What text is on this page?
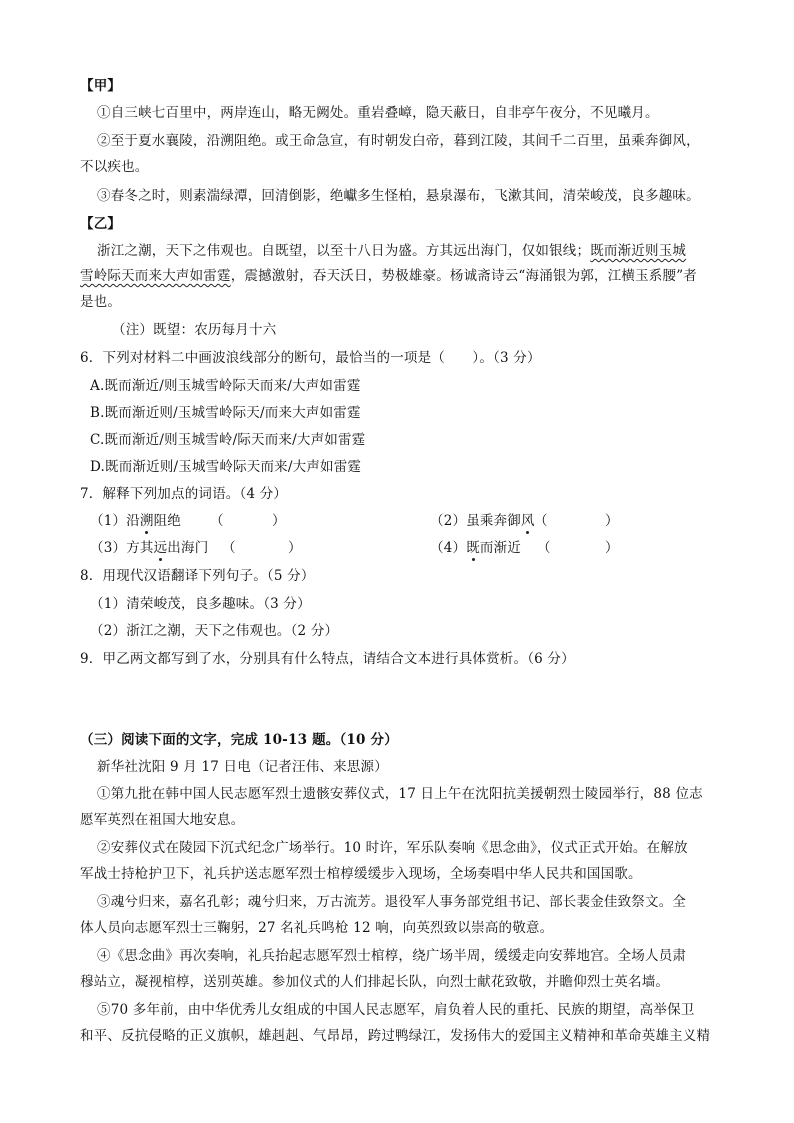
【甲】
①自三峡七百里中，两岸连山，略无阙处。重岩叠嶂，隐天蔽日，自非亭午夜分，不见曦月。
②至于夏水襄陵，沿溯阻绝。或王命急宣，有时朝发白帝，暮到江陵，其间千二百里，虽乘奔御风，
不以疾也。
③春冬之时，则素湍绿潭，回清倒影，绝巘多生怪柏，悬泉瀑布，飞漱其间，清荣峻茂，良多趣味。
【乙】
浙江之潮，天下之伟观也。自既望，以至十八日为盛。方其远出海门，仅如银线；既而渐近则玉城
雪岭际天而来大声如雷霆，震撼激射，吞天沃日，势极雄豪。杨诚斋诗云“海涌银为郭，江横玉系腰”者
是也。
（注）既望：农历每月十六
6．下列对材料二中画波浪线部分的断句，最恰当的一项是（　　）。（3 分）
A.既而渐近/则玉城雪岭际天而来/大声如雷霆
B.既而渐近则/玉城雪岭际天/而来大声如雷霆
C.既而渐近/则玉城雪岭/际天而来/大声如雷霆
D.既而渐近则/玉城雪岭际天而来/大声如雷霆
7．解释下列加点的词语。（4 分）
（1）沿溯阻绝 （	）	（2）虽乘奔御风 （	）
（3）方其远出海门 （	）	（4）既而渐近 （	）
8．用现代汉语翻译下列句子。（5 分）
（1）清荣峻茂，良多趣味。（3 分）
（2）浙江之潮，天下之伟观也。（2 分）
9．甲乙两文都写到了水，分别具有什么特点，请结合文本进行具体赏析。（6 分）
（三）阅读下面的文字，完成 10-13 题。（10 分）
新华社沈阳 9 月 17 日电（记者汪伟、来思源）
①第九批在韩中国人民志愿军烈士遗骸安葬仪式，17 日上午在沈阳抗美援朝烈士陵园举行，88 位志
愿军英烈在祖国大地安息。
②安葬仪式在陵园下沉式纪念广场举行。10 时许，军乐队奏响《思念曲》，仪式正式开始。在解放
军战士持枪护卫下，礼兵护送志愿军烈士棺椁缓缓步入现场，全场奏唱中华人民共和国国歌。
③魂兮归来，嘉名孔彰；魂兮归来，万古流芳。退役军人事务部党组书记、部长裴金佳致祭文。全
体人员向志愿军烈士三鞠躬，27 名礼兵鸣枪 12 响，向英烈致以崇高的敬意。
④《思念曲》再次奏响，礼兵抬起志愿军烈士棺椁，绕广场半周，缓缓走向安葬地宫。全场人员肃
穆站立，凝视棺椁，送别英雄。参加仪式的人们排起长队，向烈士献花致敬，并瞻仰烈士英名墙。
⑤70 多年前，由中华优秀儿女组成的中国人民志愿军，肩负着人民的重托、民族的期望，高举保卫
和平、反抗侵略的正义旗帜，雄赳赳、气昂昂，跨过鸭绿江，发扬伟大的爱国主义精神和革命英雄主义精
